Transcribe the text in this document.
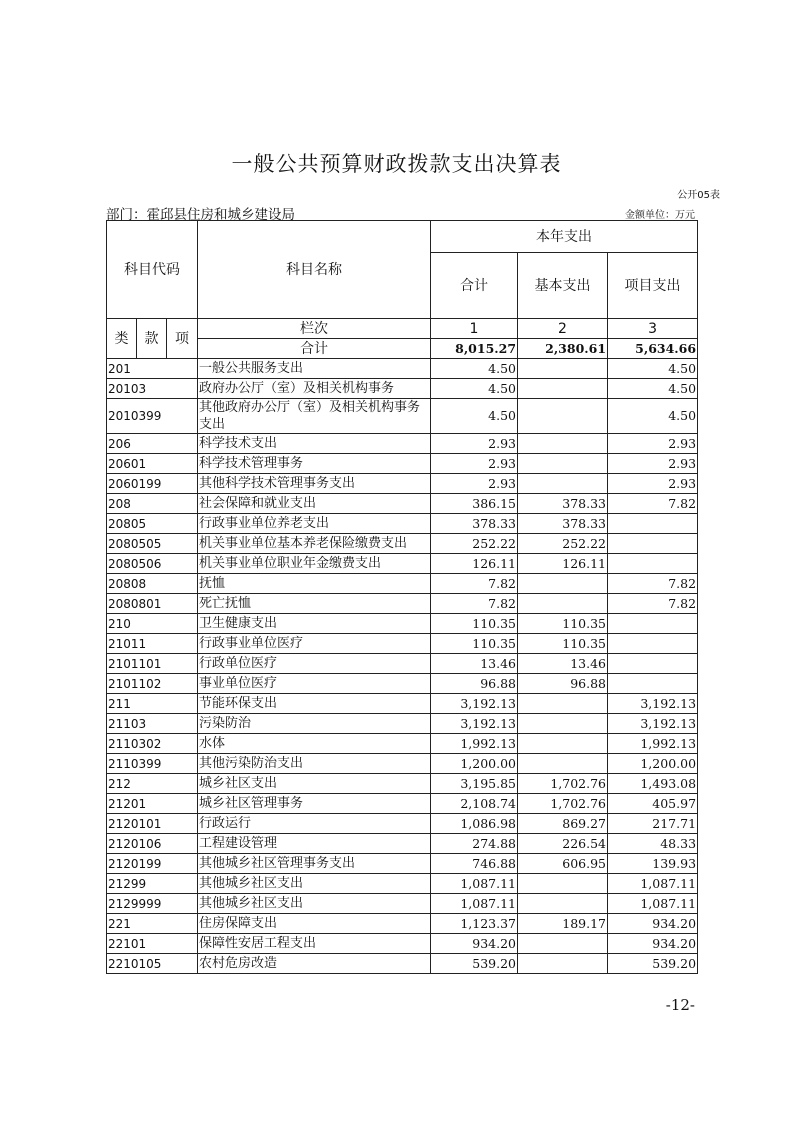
一般公共预算财政拨款支出决算表
公开05表
部门：霍邱县住房和城乡建设局	金额单位：万元
科目代码			科目名称	本年支出		
				合计	基本支出	项目支出
类	款	项	栏次	1	2	3
			合计	8,015.27	2,380.61	5,634.66
201			一般公共服务支出	4.50		4.50
20103			政府办公厅（室）及相关机构事务	4.50		4.50
2010399			其他政府办公厅（室）及相关机构事务支出	4.50		4.50
206			科学技术支出	2.93		2.93
20601			科学技术管理事务	2.93		2.93
2060199			其他科学技术管理事务支出	2.93		2.93
208			社会保障和就业支出	386.15	378.33	7.82
20805			行政事业单位养老支出	378.33	378.33	
2080505			机关事业单位基本养老保险缴费支出	252.22	252.22	
2080506			机关事业单位职业年金缴费支出	126.11	126.11	
20808			抚恤	7.82		7.82
2080801			死亡抚恤	7.82		7.82
210			卫生健康支出	110.35	110.35	
21011			行政事业单位医疗	110.35	110.35	
2101101			行政单位医疗	13.46	13.46	
2101102			事业单位医疗	96.88	96.88	
211			节能环保支出	3,192.13		3,192.13
21103			污染防治	3,192.13		3,192.13
2110302			水体	1,992.13		1,992.13
2110399			其他污染防治支出	1,200.00		1,200.00
212			城乡社区支出	3,195.85	1,702.76	1,493.08
21201			城乡社区管理事务	2,108.74	1,702.76	405.97
2120101			行政运行	1,086.98	869.27	217.71
2120106			工程建设管理	274.88	226.54	48.33
2120199			其他城乡社区管理事务支出	746.88	606.95	139.93
21299			其他城乡社区支出	1,087.11		1,087.11
2129999			其他城乡社区支出	1,087.11		1,087.11
221			住房保障支出	1,123.37	189.17	934.20
22101			保障性安居工程支出	934.20		934.20
2210105			农村危房改造	539.20		539.20
-12-
